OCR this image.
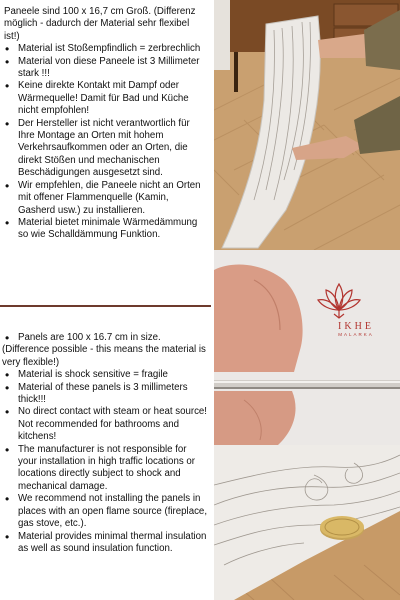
Paneele sind 100 x 16,7 cm Groß. (Differenz möglich - dadurch der Material sehr flexibel ist!)
• Material ist Stoßempfindlich = zerbrechlich
• Material von diese Paneele ist 3 Millimeter stark !!!
• Keine direkte Kontakt mit Dampf oder Wärmequelle! Damit für Bad und Küche nicht empfohlen!
• Der Hersteller ist nicht verantwortlich für Ihre Montage an Orten mit hohem Verkehrsaufkommen oder an Orten, die direkt Stößen und mechanischen Beschädigungen ausgesetzt sind.
• Wir empfehlen, die Paneele nicht an Orten mit offener Flammenquelle (Kamin, Gasherd usw.) zu installieren.
• Material bietet minimale Wärmedämmung so wie Schalldämmung Funktion.
• Panels are 100 x 16.7 cm in size.
(Difference possible - this means the material is very flexible!)
• Material is shock sensitive = fragile
• Material of these panels is 3 millimeters thick!!!
• No direct contact with steam or heat source! Not recommended for bathrooms and kitchens!
• The manufacturer is not responsible for your installation in high traffic locations or locations directly subject to shock and mechanical damage.
• We recommend not installing the panels in places with an open flame source (fireplace, gas stove, etc.).
• Material provides minimal thermal insulation as well as sound insulation function.
IKHE
MALARKA
